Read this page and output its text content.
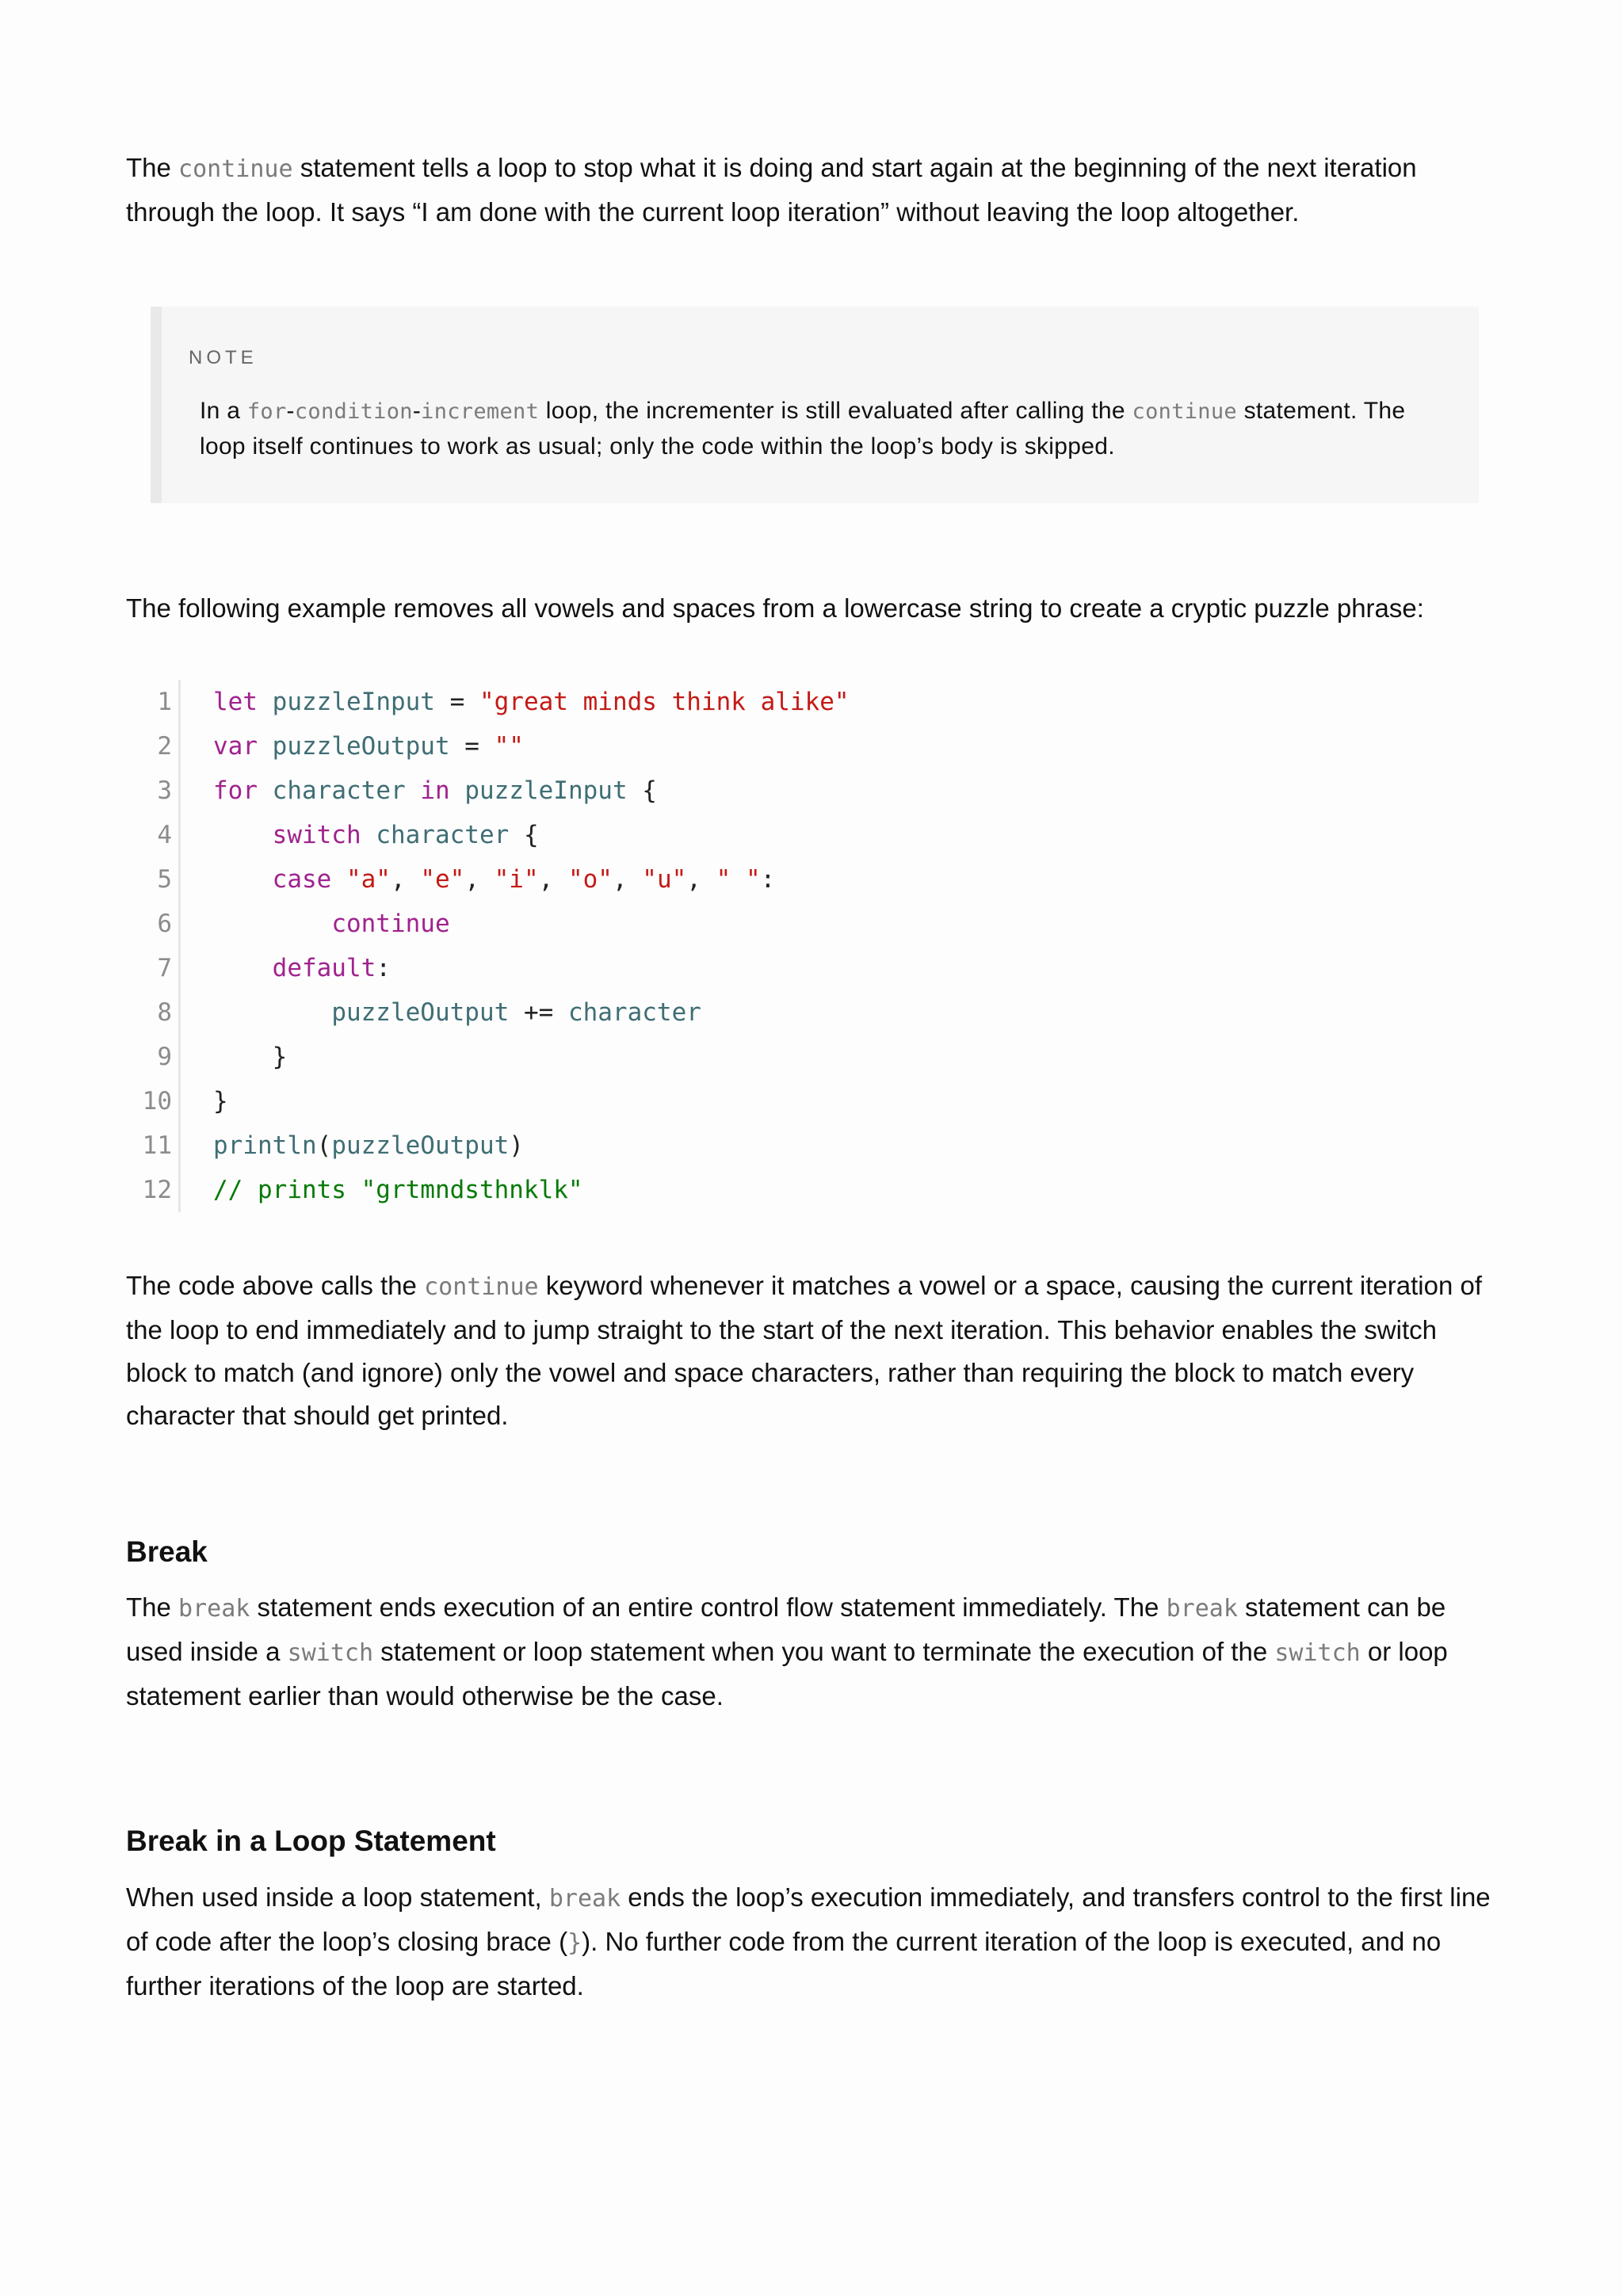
The continue statement tells a loop to stop what it is doing and start again at the beginning of the next iteration through the loop. It says “I am done with the current loop iteration” without leaving the loop altogether.

NOTE

In a for-condition-increment loop, the incrementer is still evaluated after calling the continue statement. The loop itself continues to work as usual; only the code within the loop’s body is skipped.

The following example removes all vowels and spaces from a lowercase string to create a cryptic puzzle phrase:

1 let puzzleInput = "great minds think alike"
2 var puzzleOutput = ""
3 for character in puzzleInput {
4	switch character {
5	case "a", "e", "i", "o", "u", " ":
6	continue
7	default:
8	puzzleOutput += character
9 }
10 }
11 println(puzzleOutput)
12 // prints "grtmndsthnklk"

The code above calls the continue keyword whenever it matches a vowel or a space, causing the current iteration of the loop to end immediately and to jump straight to the start of the next iteration. This behavior enables the switch block to match (and ignore) only the vowel and space characters, rather than requiring the block to match every character that should get printed.

Break

The break statement ends execution of an entire control flow statement immediately. The break statement can be used inside a switch statement or loop statement when you want to terminate the execution of the switch or loop statement earlier than would otherwise be the case.

Break in a Loop Statement

When used inside a loop statement, break ends the loop’s execution immediately, and transfers control to the first line of code after the loop’s closing brace (}). No further code from the current iteration of the loop is executed, and no further iterations of the loop are started.
